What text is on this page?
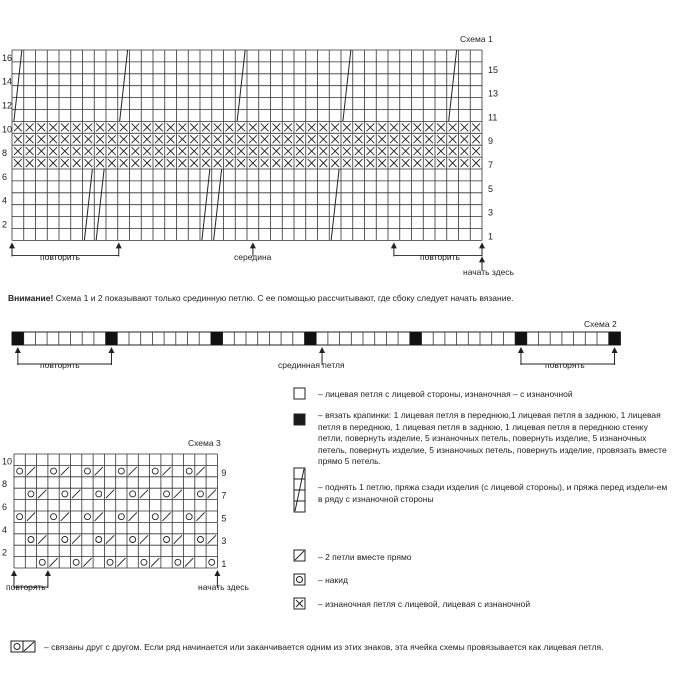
Схема 1
16
14
12
10
8
6
4
2
15
13
11
9
7
5
3
1
повторить	середина	повторить
начать здесь
Внимание! Схема 1 и 2 показывают только срединную петлю. С ее помощью рассчитывают, где сбоку следует начать вязание.
Схема 2
повторять	срединная петля	повторять
Схема 3
10
8
6
4
2
9
7
5
3
1
повторять	начать здесь
– лицевая петля с лицевой стороны, изнаночная – с изнаночной
– вязать крапинки: 1 лицевая петля в переднюю,1 лицевая петля в заднюю, 1 лицевая петля в переднюю, 1 лицевая петля в заднюю, 1 лицевая петля в переднюю стенку петли, повернуть изделие, 5 изнаночных петель, повернуть изделие, 5 изнаночных петель, повернуть изделие, 5 изнаночных петель, повернуть изделие, провязать вместе прямо 5 петель.
– поднять 1 петлю, пряжа сзади изделия (с лицевой стороны), и пряжа перед издели-ем в ряду с изнаночной стороны
– 2 петли вместе прямо
– накид
– изнаночная петля с лицевой, лицевая с изнаночной
– связаны друг с другом. Если ряд начинается или заканчивается одним из этих знаков, эта ячейка схемы провязывается как лицевая петля.
